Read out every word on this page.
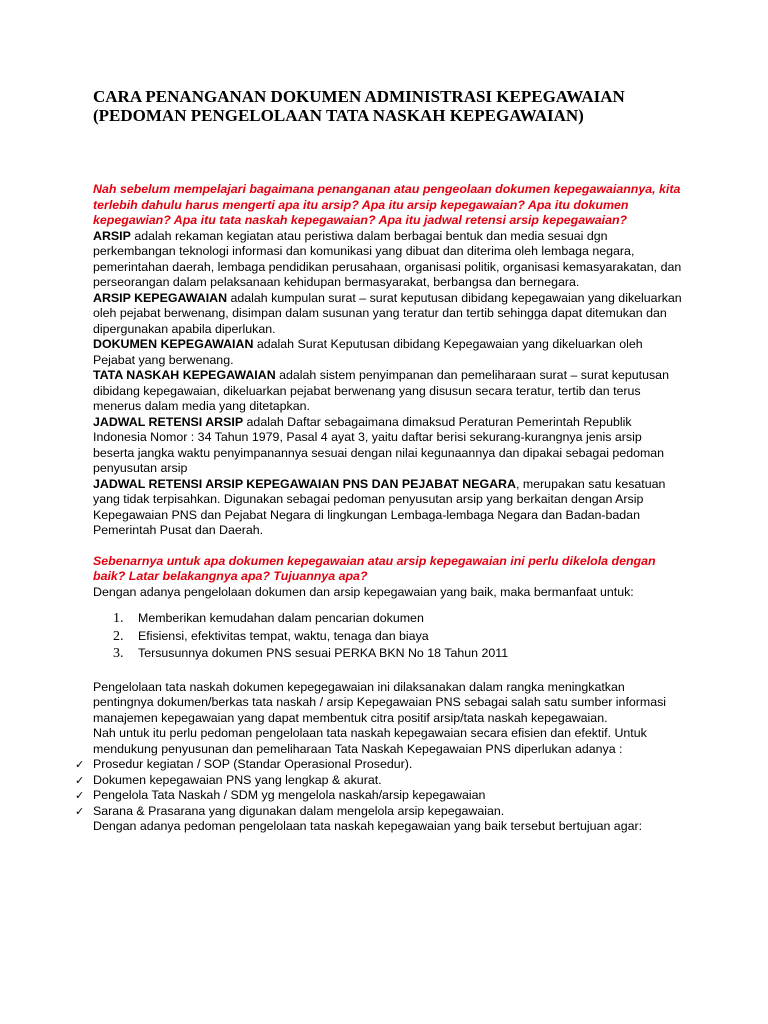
CARA PENANGANAN DOKUMEN ADMINISTRASI KEPEGAWAIAN
(PEDOMAN PENGELOLAAN TATA NASKAH KEPEGAWAIAN)

Nah sebelum mempelajari bagaimana penanganan atau pengeolaan dokumen kepegawaiannya, kita terlebih dahulu harus mengerti apa itu arsip? Apa itu arsip kepegawaian? Apa itu dokumen kepegawian? Apa itu tata naskah kepegawaian? Apa itu jadwal retensi arsip kepegawaian?

ARSIP adalah rekaman kegiatan atau peristiwa dalam berbagai bentuk dan media sesuai dgn perkembangan teknologi informasi dan komunikasi yang dibuat dan diterima oleh lembaga negara, pemerintahan daerah, lembaga pendidikan perusahaan, organisasi politik, organisasi kemasyarakatan, dan perseorangan dalam pelaksanaan kehidupan bermasyarakat, berbangsa dan bernegara.

ARSIP KEPEGAWAIAN adalah kumpulan surat – surat keputusan dibidang kepegawaian yang dikeluarkan oleh pejabat berwenang, disimpan dalam susunan yang teratur dan tertib sehingga dapat ditemukan dan dipergunakan apabila diperlukan.

DOKUMEN KEPEGAWAIAN adalah Surat Keputusan dibidang Kepegawaian yang dikeluarkan oleh Pejabat yang berwenang.

TATA NASKAH KEPEGAWAIAN adalah sistem penyimpanan dan pemeliharaan surat – surat keputusan dibidang kepegawaian, dikeluarkan pejabat berwenang yang disusun secara teratur, tertib dan terus menerus dalam media yang ditetapkan.

JADWAL RETENSI ARSIP adalah Daftar sebagaimana dimaksud Peraturan Pemerintah Republik Indonesia Nomor : 34 Tahun 1979, Pasal 4 ayat 3, yaitu daftar berisi sekurang-kurangnya jenis arsip beserta jangka waktu penyimpanannya sesuai dengan nilai kegunaannya dan dipakai sebagai pedoman penyusutan arsip

JADWAL RETENSI ARSIP KEPEGAWAIAN PNS DAN PEJABAT NEGARA, merupakan satu kesatuan yang tidak terpisahkan. Digunakan sebagai pedoman penyusutan arsip yang berkaitan dengan Arsip Kepegawaian PNS dan Pejabat Negara di lingkungan Lembaga-lembaga Negara dan Badan-badan Pemerintah Pusat dan Daerah.

Sebenarnya untuk apa dokumen kepegawaian atau arsip kepegawaian ini perlu dikelola dengan baik? Latar belakangnya apa? Tujuannya apa?

Dengan adanya pengelolaan dokumen dan arsip kepegawaian yang baik, maka bermanfaat untuk:

1.	Memberikan kemudahan dalam pencarian dokumen
2.	Efisiensi, efektivitas tempat, waktu, tenaga dan biaya
3.	Tersusunnya dokumen PNS sesuai PERKA BKN No 18 Tahun 2011

Pengelolaan tata naskah dokumen kepegegawaian ini dilaksanakan dalam rangka meningkatkan pentingnya dokumen/berkas tata naskah / arsip Kepegawaian PNS sebagai salah satu sumber informasi manajemen kepegawaian yang dapat membentuk citra positif arsip/tata naskah kepegawaian.

Nah untuk itu perlu pedoman pengelolaan tata naskah kepegawaian secara efisien dan efektif. Untuk mendukung penyusunan dan pemeliharaan Tata Naskah Kepegawaian PNS diperlukan adanya :

✓ Prosedur kegiatan / SOP (Standar Operasional Prosedur).
✓ Dokumen kepegawaian PNS yang lengkap & akurat.
✓ Pengelola Tata Naskah / SDM yg mengelola naskah/arsip kepegawaian
✓ Sarana & Prasarana yang digunakan dalam mengelola arsip kepegawaian.

Dengan adanya pedoman pengelolaan tata naskah kepegawaian yang baik tersebut bertujuan agar:
